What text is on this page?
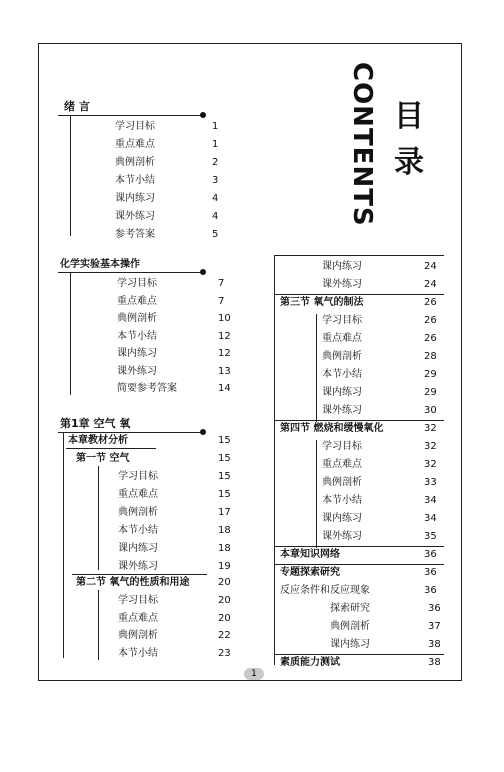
CONTENTS 目
录
绪 言
学习目标	1
重点难点	1
典例剖析	2
本节小结	3
课内练习	4
课外练习	4
参考答案	5
化学实验基本操作
学习目标	7
重点难点	7
典例剖析	10
本节小结	12
课内练习	12
课外练习	13
简要参考答案	14
第1章 空气 氧
本章教材分析	15
第一节 空气	15
学习目标	15
重点难点	15
典例剖析	17
本节小结	18
课内练习	18
课外练习	19
第二节 氧气的性质和用途	20
学习目标	20
重点难点	20
典例剖析	22
本节小结	23
课内练习	24
课外练习	24
第三节 氧气的制法	26
学习目标	26
重点难点	26
典例剖析	28
本节小结	29
课内练习	29
课外练习	30
第四节 燃烧和缓慢氧化	32
学习目标	32
重点难点	32
典例剖析	33
本节小结	34
课内练习	34
课外练习	35
本章知识网络	36
专题探索研究	36
反应条件和反应现象	36
探索研究	36
典例剖析	37
课内练习	38
素质能力测试	38
1
